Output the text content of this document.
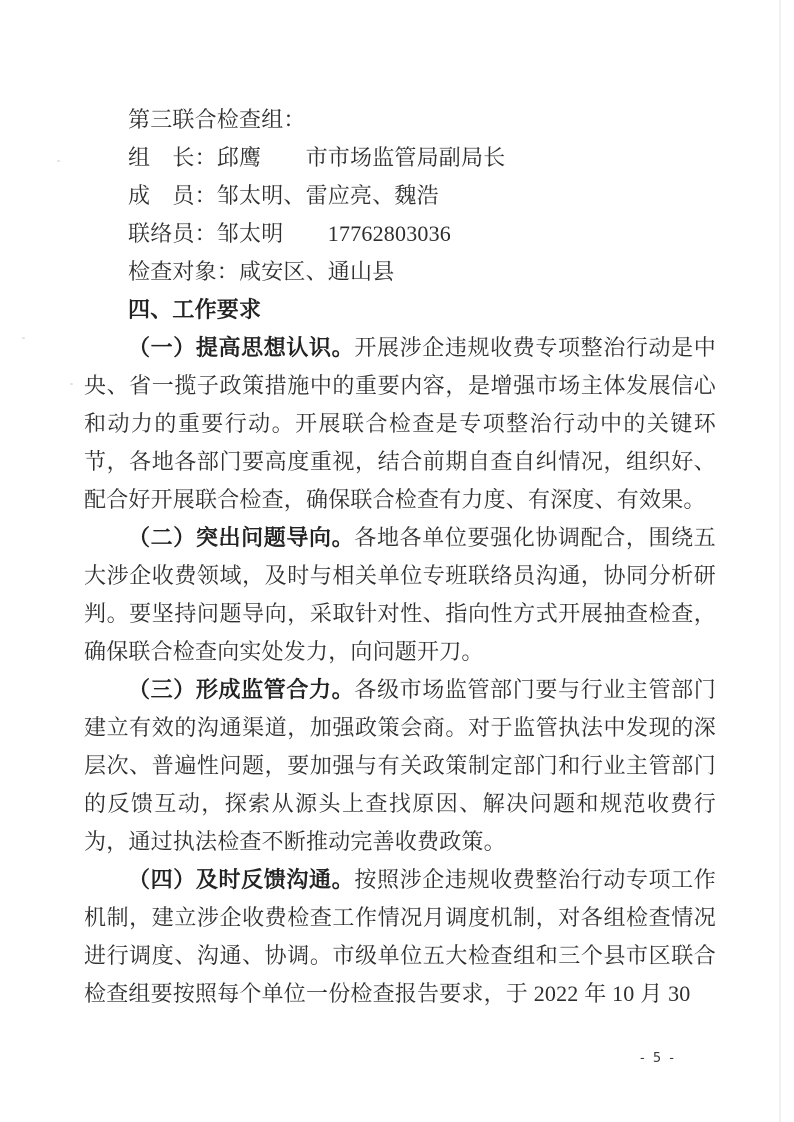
第三联合检查组：

组　长：邱鹰　　市市场监管局副局长

成　员：邹太明、雷应亮、魏浩

联络员：邹太明　　17762803036

检查对象：咸安区、通山县

四、工作要求

（一）提高思想认识。开展涉企违规收费专项整治行动是中央、省一揽子政策措施中的重要内容，是增强市场主体发展信心和动力的重要行动。开展联合检查是专项整治行动中的关键环节，各地各部门要高度重视，结合前期自查自纠情况，组织好、配合好开展联合检查，确保联合检查有力度、有深度、有效果。

（二）突出问题导向。各地各单位要强化协调配合，围绕五大涉企收费领域，及时与相关单位专班联络员沟通，协同分析研判。要坚持问题导向，采取针对性、指向性方式开展抽查检查，确保联合检查向实处发力，向问题开刀。

（三）形成监管合力。各级市场监管部门要与行业主管部门建立有效的沟通渠道，加强政策会商。对于监管执法中发现的深层次、普遍性问题，要加强与有关政策制定部门和行业主管部门的反馈互动，探索从源头上查找原因、解决问题和规范收费行为，通过执法检查不断推动完善收费政策。

（四）及时反馈沟通。按照涉企违规收费整治行动专项工作机制，建立涉企收费检查工作情况月调度机制，对各组检查情况进行调度、沟通、协调。市级单位五大检查组和三个县市区联合检查组要按照每个单位一份检查报告要求，于 2022 年 10 月 30

- 5 -
